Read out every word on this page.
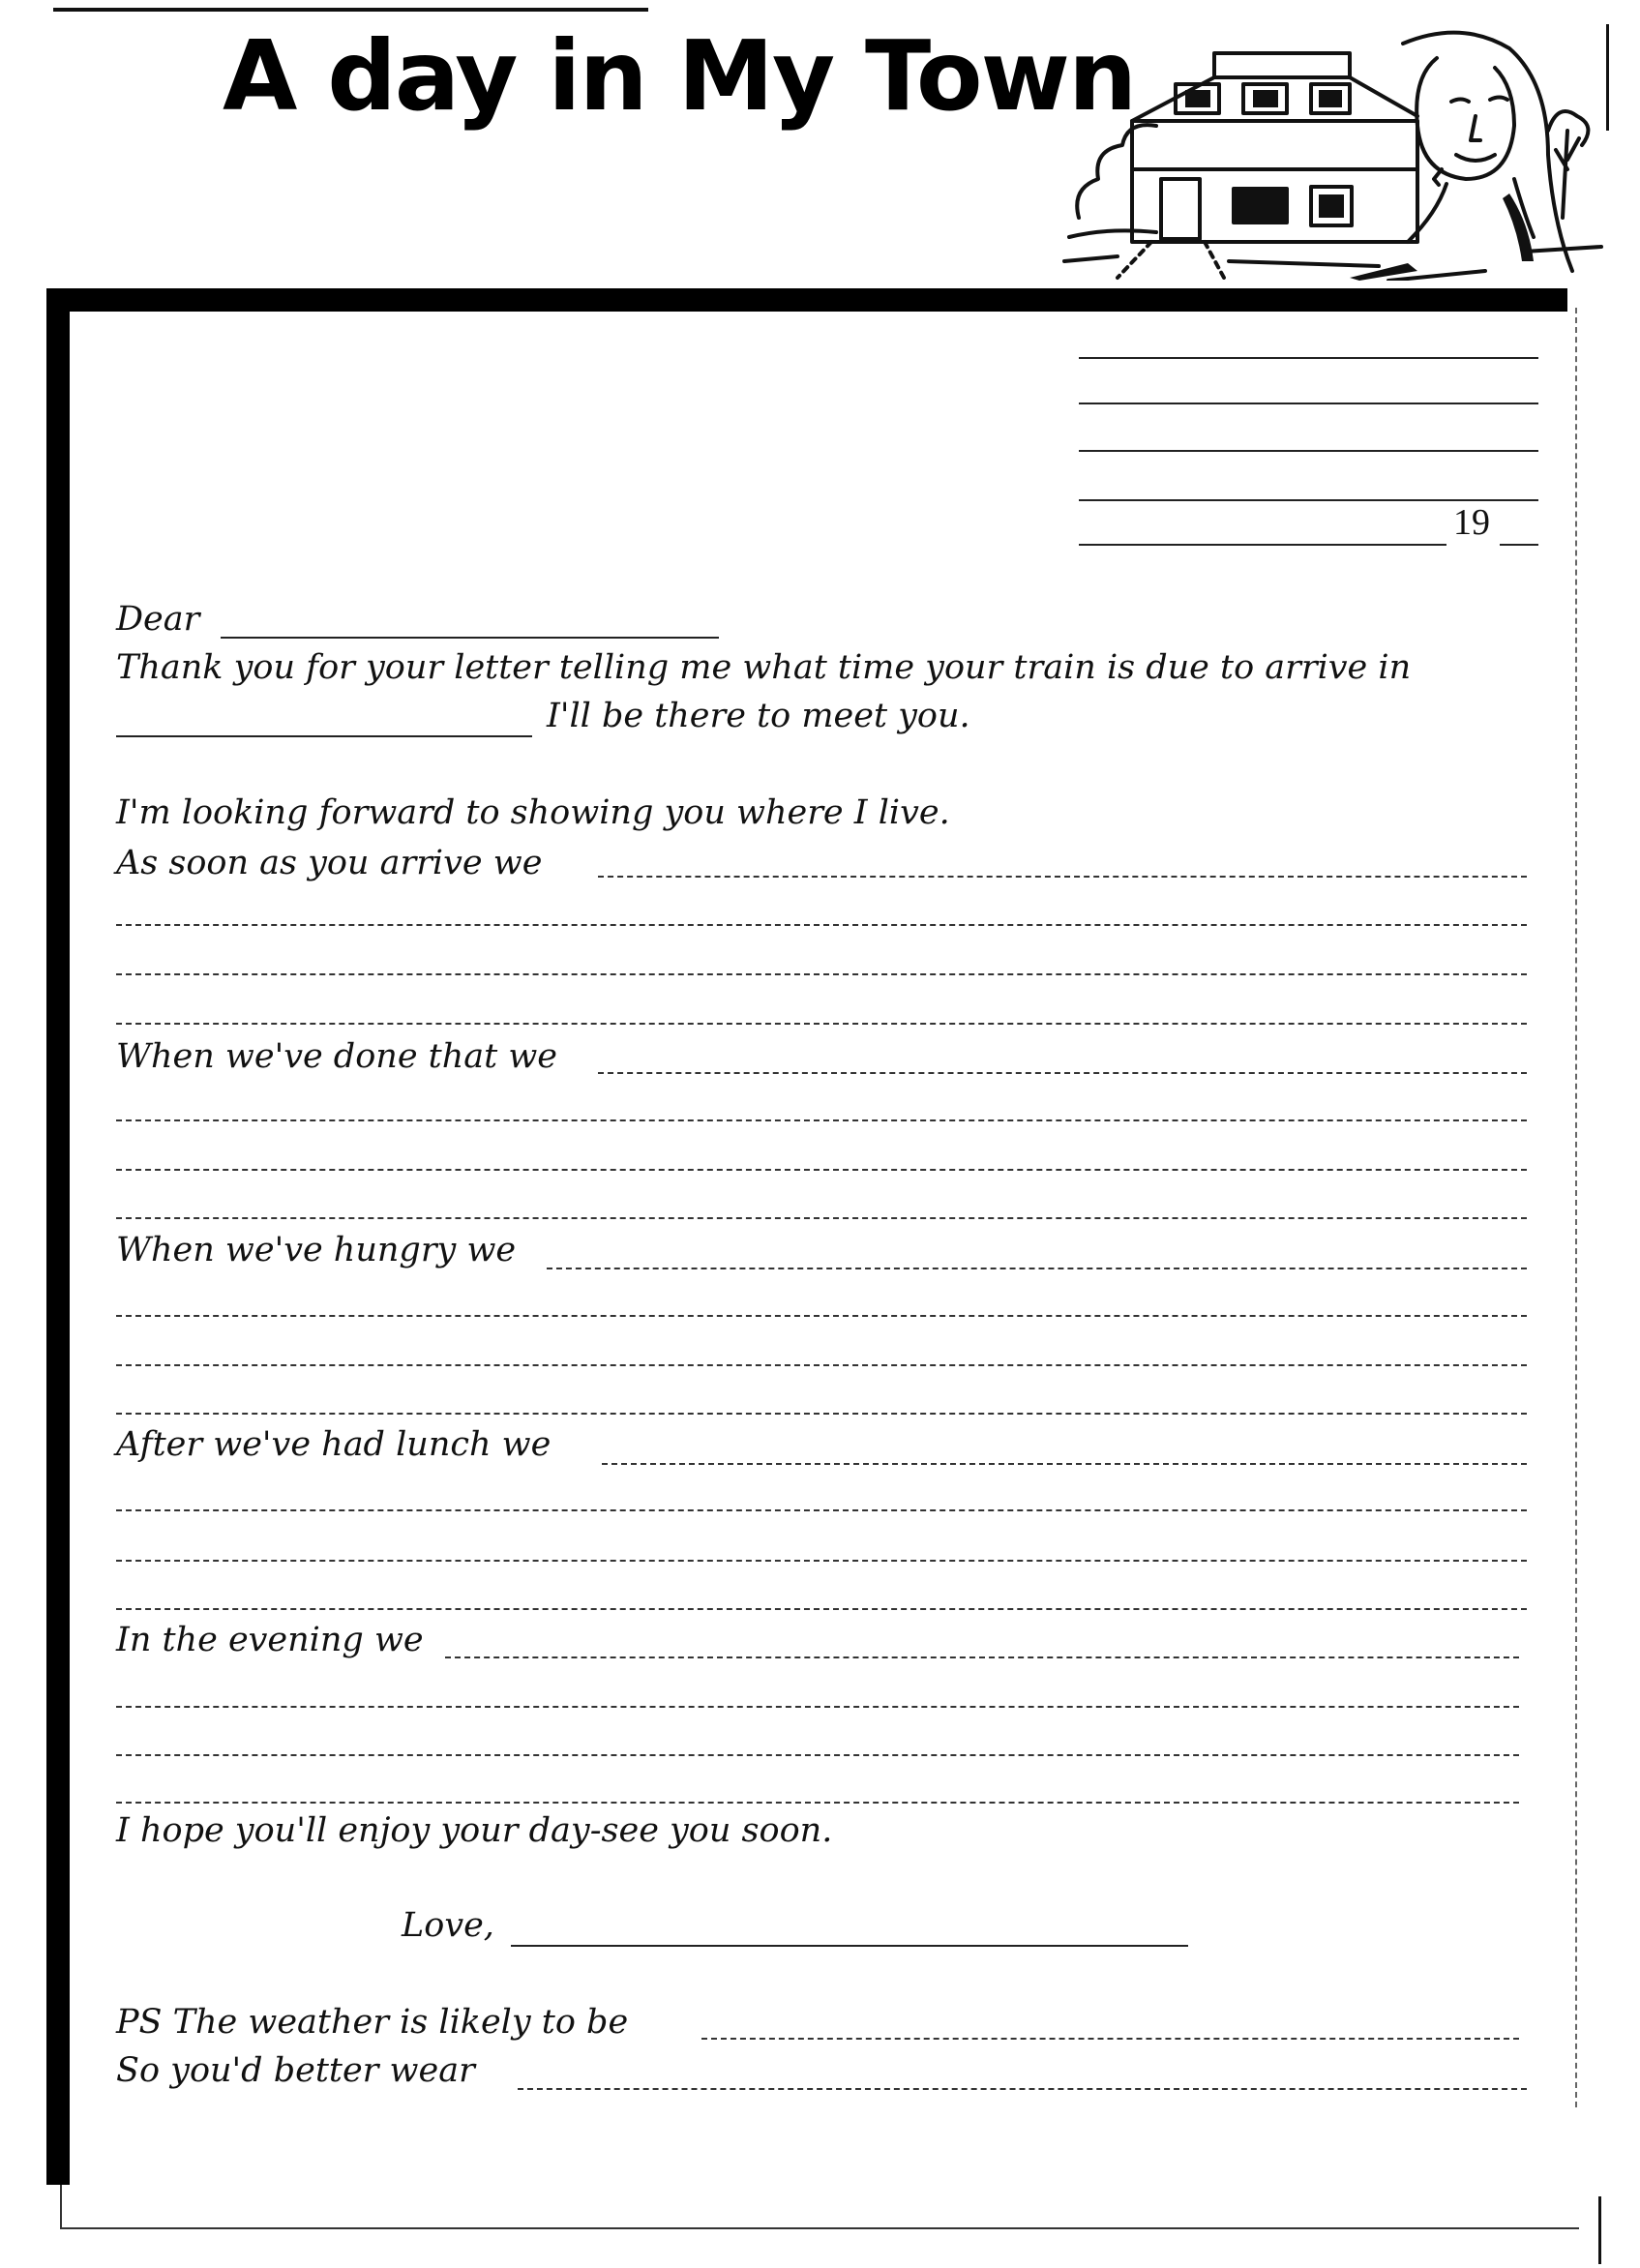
A day in My Town
19
Dear
Thank you for your letter telling me what time your train is due to arrive in
I'll be there to meet you.
I'm looking forward to showing you where I live.
As soon as you arrive we
When we've done that we
When we've hungry we
After we've had lunch we
In the evening we
I hope you'll enjoy your day-see you soon.
Love,
PS The weather is likely to be
So you'd better wear
